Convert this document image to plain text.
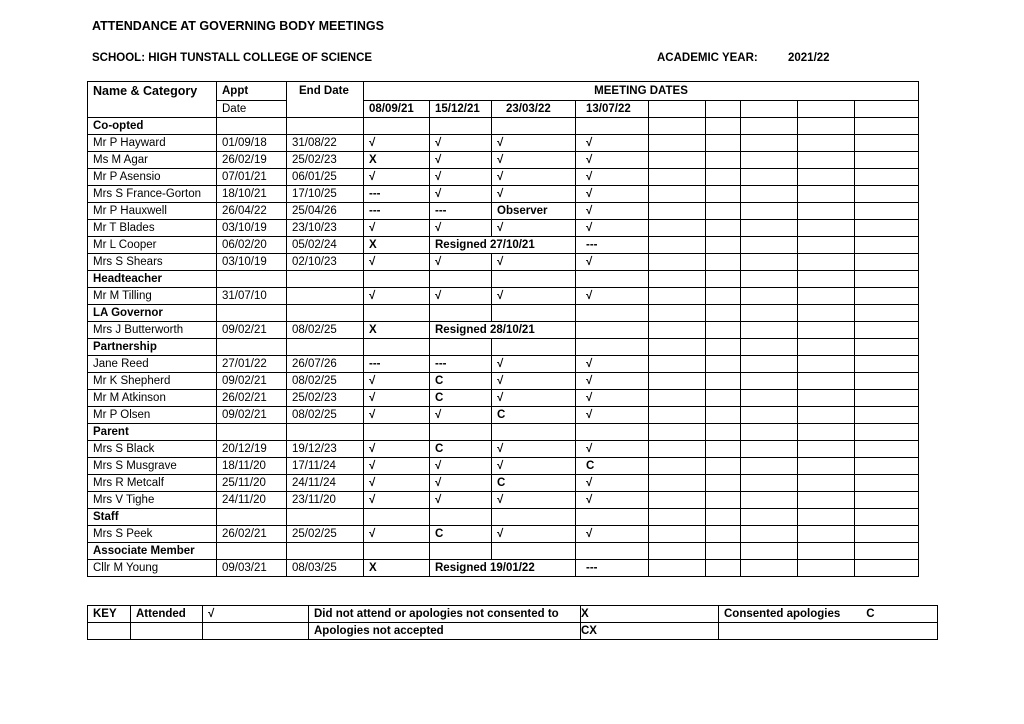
ATTENDANCE AT GOVERNING BODY MEETINGS
SCHOOL: HIGH TUNSTALL COLLEGE OF SCIENCE	ACADEMIC YEAR:	2021/22
Name & Category	Appt	End Date	MEETING DATES								
	Date		08/09/21	15/12/21	23/03/22	13/07/22					
Co-opted											
Mr P Hayward	01/09/18	31/08/22	√	√	√	√					
Ms M Agar	26/02/19	25/02/23	X	√	√	√					
Mr P Asensio	07/01/21	06/01/25	√	√	√	√					
Mrs S France-Gorton	18/10/21	17/10/25	---	√	√	√					
Mr P Hauxwell	26/04/22	25/04/26	---	---	Observer	√					
Mr T Blades	03/10/19	23/10/23	√	√	√	√					
Mr L Cooper	06/02/20	05/02/24	X	Resigned 27/10/21		---					
Mrs S Shears	03/10/19	02/10/23	√	√	√	√					
Headteacher											
Mr M Tilling	31/07/10		√	√	√	√					
LA Governor											
Mrs J Butterworth	09/02/21	08/02/25	X	Resigned 28/10/21							
Partnership											
Jane Reed	27/01/22	26/07/26	---	---	√	√					
Mr K Shepherd	09/02/21	08/02/25	√	C	√	√					
Mr M Atkinson	26/02/21	25/02/23	√	C	√	√					
Mr P Olsen	09/02/21	08/02/25	√	√	C	√					
Parent											
Mrs S Black	20/12/19	19/12/23	√	C	√	√					
Mrs S Musgrave	18/11/20	17/11/24	√	√	√	C					
Mrs R Metcalf	25/11/20	24/11/24	√	√	C	√					
Mrs V Tighe	24/11/20	23/11/20	√	√	√	√					
Staff											
Mrs S Peek	26/02/21	25/02/25	√	C	√	√					
Associate Member											
Cllr M Young	09/03/21	08/03/25	X	Resigned 19/01/22		---					
KEY	Attended	√	Did not attend or apologies not consented to	X	Consented apologies C
			Apologies not accepted	CX	
